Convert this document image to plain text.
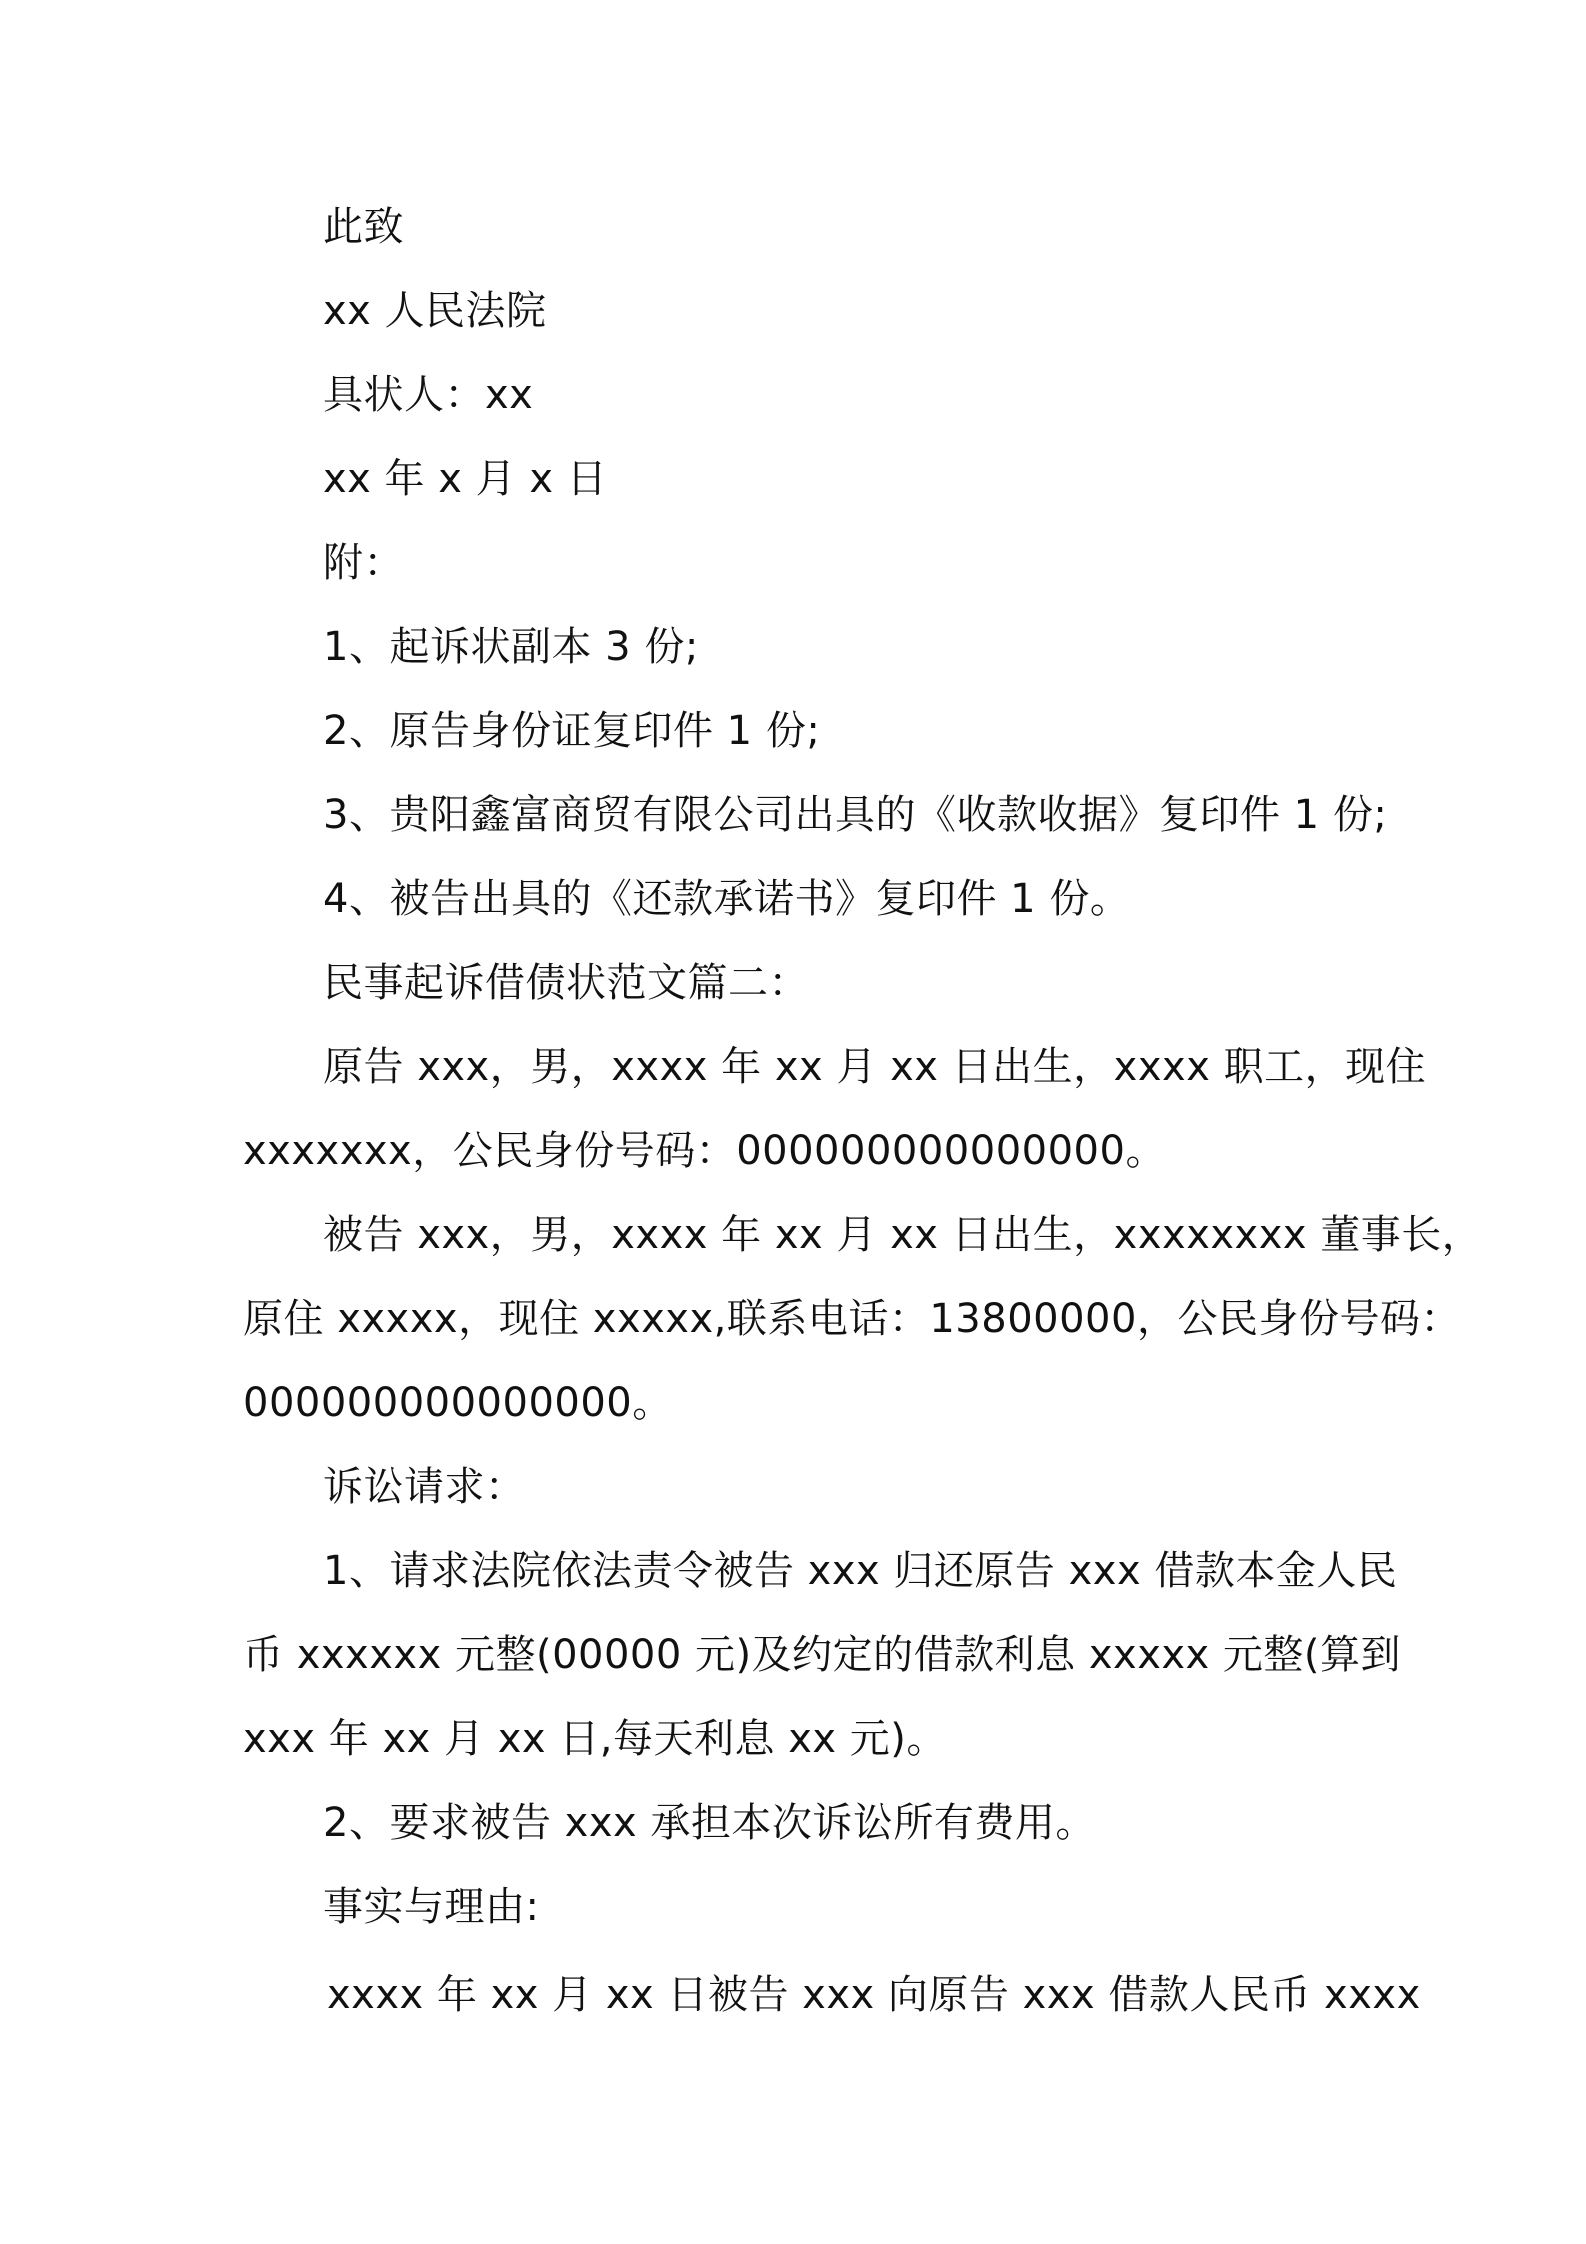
此致
xx 人民法院
具状人：xx
xx 年 x 月 x 日
附：
1、起诉状副本 3 份;
2、原告身份证复印件 1 份;
3、贵阳鑫富商贸有限公司出具的《收款收据》复印件 1 份;
4、被告出具的《还款承诺书》复印件 1 份。
民事起诉借债状范文篇二：
原告 xxx，男，xxxx 年 xx 月 xx 日出生，xxxx 职工，现住
xxxxxxx，公民身份号码：000000000000000。
被告 xxx，男，xxxx 年 xx 月 xx 日出生，xxxxxxxx 董事长，
原住 xxxxx，现住 xxxxx,联系电话：13800000，公民身份号码：
000000000000000。
诉讼请求：
1、请求法院依法责令被告 xxx 归还原告 xxx 借款本金人民
币 xxxxxx 元整(00000 元)及约定的借款利息 xxxxx 元整(算到
xxx 年 xx 月 xx 日,每天利息 xx 元)。
2、要求被告 xxx 承担本次诉讼所有费用。
事实与理由:
xxxx 年 xx 月 xx 日被告 xxx 向原告 xxx 借款人民币 xxxx
